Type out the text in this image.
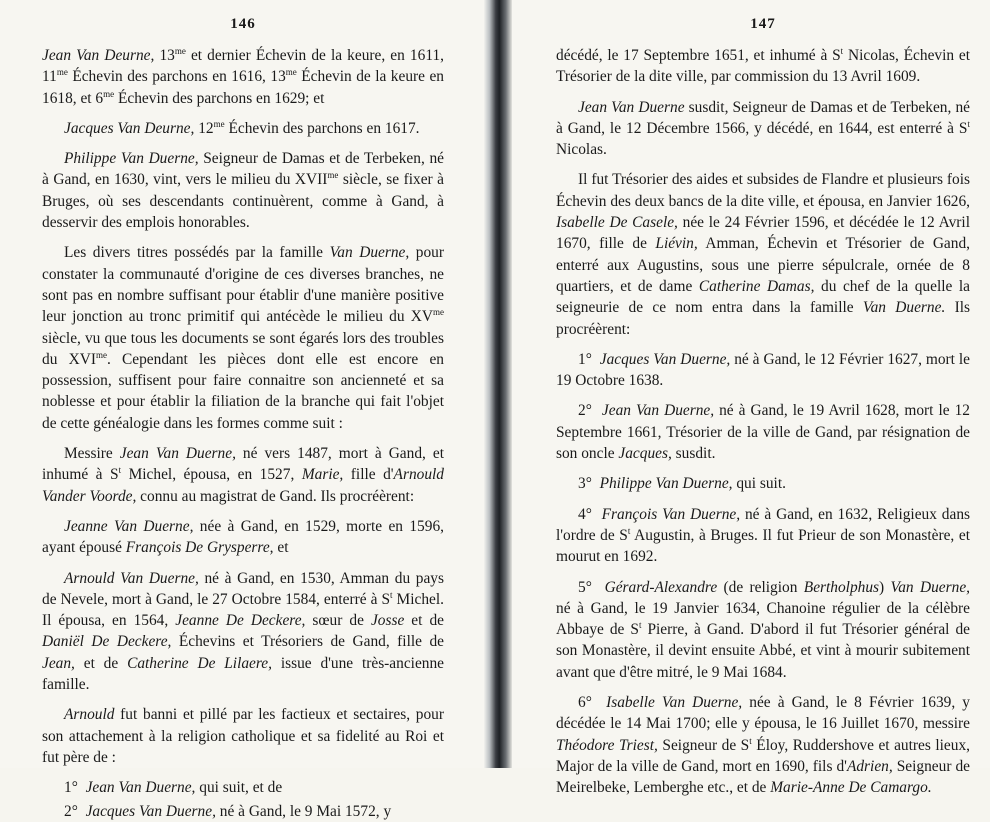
146

Jean Van Deurne, $13^{me}$ et dernier Échevin de la keure, en 1611, $11^{me}$ Échevin des parchons en 1616, $13^{me}$ Échevin de la keure en 1618, et $6^{me}$ Échevin des parchons en 1629; et

Jacques Van Deurne, $12^{me}$ Échevin des parchons en 1617.

Philippe Van Duerne, Seigneur de Damas et de Terbeken, né à Gand, en 1630, vint, vers le milieu du $XVII^{me}$ siècle, se fixer à Bruges, où ses descendants continuèrent, comme à Gand, à desservir des emplois honorables.

Les divers titres possédés par la famille Van Duerne, pour constater la communauté d'origine de ces diverses branches, ne sont pas en nombre suffisant pour établir d'une manière positive leur jonction au tronc primitif qui antécède le milieu du $XV^{me}$ siècle, vu que tous les documents se sont égarés lors des troubles du $XVI^{me}$. Cependant les pièces dont elle est encore en possession, suffisent pour faire connaitre son ancienneté et sa noblesse et pour établir la filiation de la branche qui fait l'objet de cette généalogie dans les formes comme suit :

Messire Jean Van Duerne, né vers 1487, mort à Gand, et inhumé à $S^t$ Michel, épousa, en 1527, Marie, fille d'Arnould Vander Voorde, connu au magistrat de Gand. Ils procréèrent:

Jeanne Van Duerne, née à Gand, en 1529, morte en 1596, ayant épousé François De Grysperre, et

Arnould Van Duerne, né à Gand, en 1530, Amman du pays de Nevele, mort à Gand, le 27 Octobre 1584, enterré à $S^t$ Michel. Il épousa, en 1564, Jeanne De Deckere, sœur de Josse et de Daniël De Deckere, Échevins et Trésoriers de Gand, fille de Jean, et de Catherine De Lilaere, issue d'une très-ancienne famille.

Arnould fut banni et pillé par les factieux et sectaires, pour son attachement à la religion catholique et sa fidelité au Roi et fut père de :

1° Jean Van Duerne, qui suit, et de

2° Jacques Van Duerne, né à Gand, le 9 Mai 1572, y

147

décédé, le 17 Septembre 1651, et inhumé à $S^t$ Nicolas, Échevin et Trésorier de la dite ville, par commission du 13 Avril 1609.

Jean Van Duerne susdit, Seigneur de Damas et de Terbeken, né à Gand, le 12 Décembre 1566, y décédé, en 1644, est enterré à $S^t$ Nicolas.

Il fut Trésorier des aides et subsides de Flandre et plusieurs fois Échevin des deux bancs de la dite ville, et épousa, en Janvier 1626, Isabelle De Casele, née le 24 Février 1596, et décédée le 12 Avril 1670, fille de Liévin, Amman, Échevin et Trésorier de Gand, enterré aux Augustins, sous une pierre sépulcrale, ornée de 8 quartiers, et de dame Catherine Damas, du chef de la quelle la seigneurie de ce nom entra dans la famille Van Duerne. Ils procréèrent:

1° Jacques Van Duerne, né à Gand, le 12 Février 1627, mort le 19 Octobre 1638.

2° Jean Van Duerne, né à Gand, le 19 Avril 1628, mort le 12 Septembre 1661, Trésorier de la ville de Gand, par résignation de son oncle Jacques, susdit.

3° Philippe Van Duerne, qui suit.

4° François Van Duerne, né à Gand, en 1632, Religieux dans l'ordre de $S^t$ Augustin, à Bruges. Il fut Prieur de son Monastère, et mourut en 1692.

5° Gérard-Alexandre (de religion Bertholphus) Van Duerne, né à Gand, le 19 Janvier 1634, Chanoine régulier de la célèbre Abbaye de $S^t$ Pierre, à Gand. D'abord il fut Trésorier général de son Monastère, il devint ensuite Abbé, et vint à mourir subitement avant que d'être mitré, le 9 Mai 1684.

6° Isabelle Van Duerne, née à Gand, le 8 Février 1639, y décédée le 14 Mai 1700; elle y épousa, le 16 Juillet 1670, messire Théodore Triest, Seigneur de $S^t$ Éloy, Ruddershove et autres lieux, Major de la ville de Gand, mort en 1690, fils d'Adrien, Seigneur de Meirelbeke, Lemberghe etc., et de Marie-Anne De Camargo.
